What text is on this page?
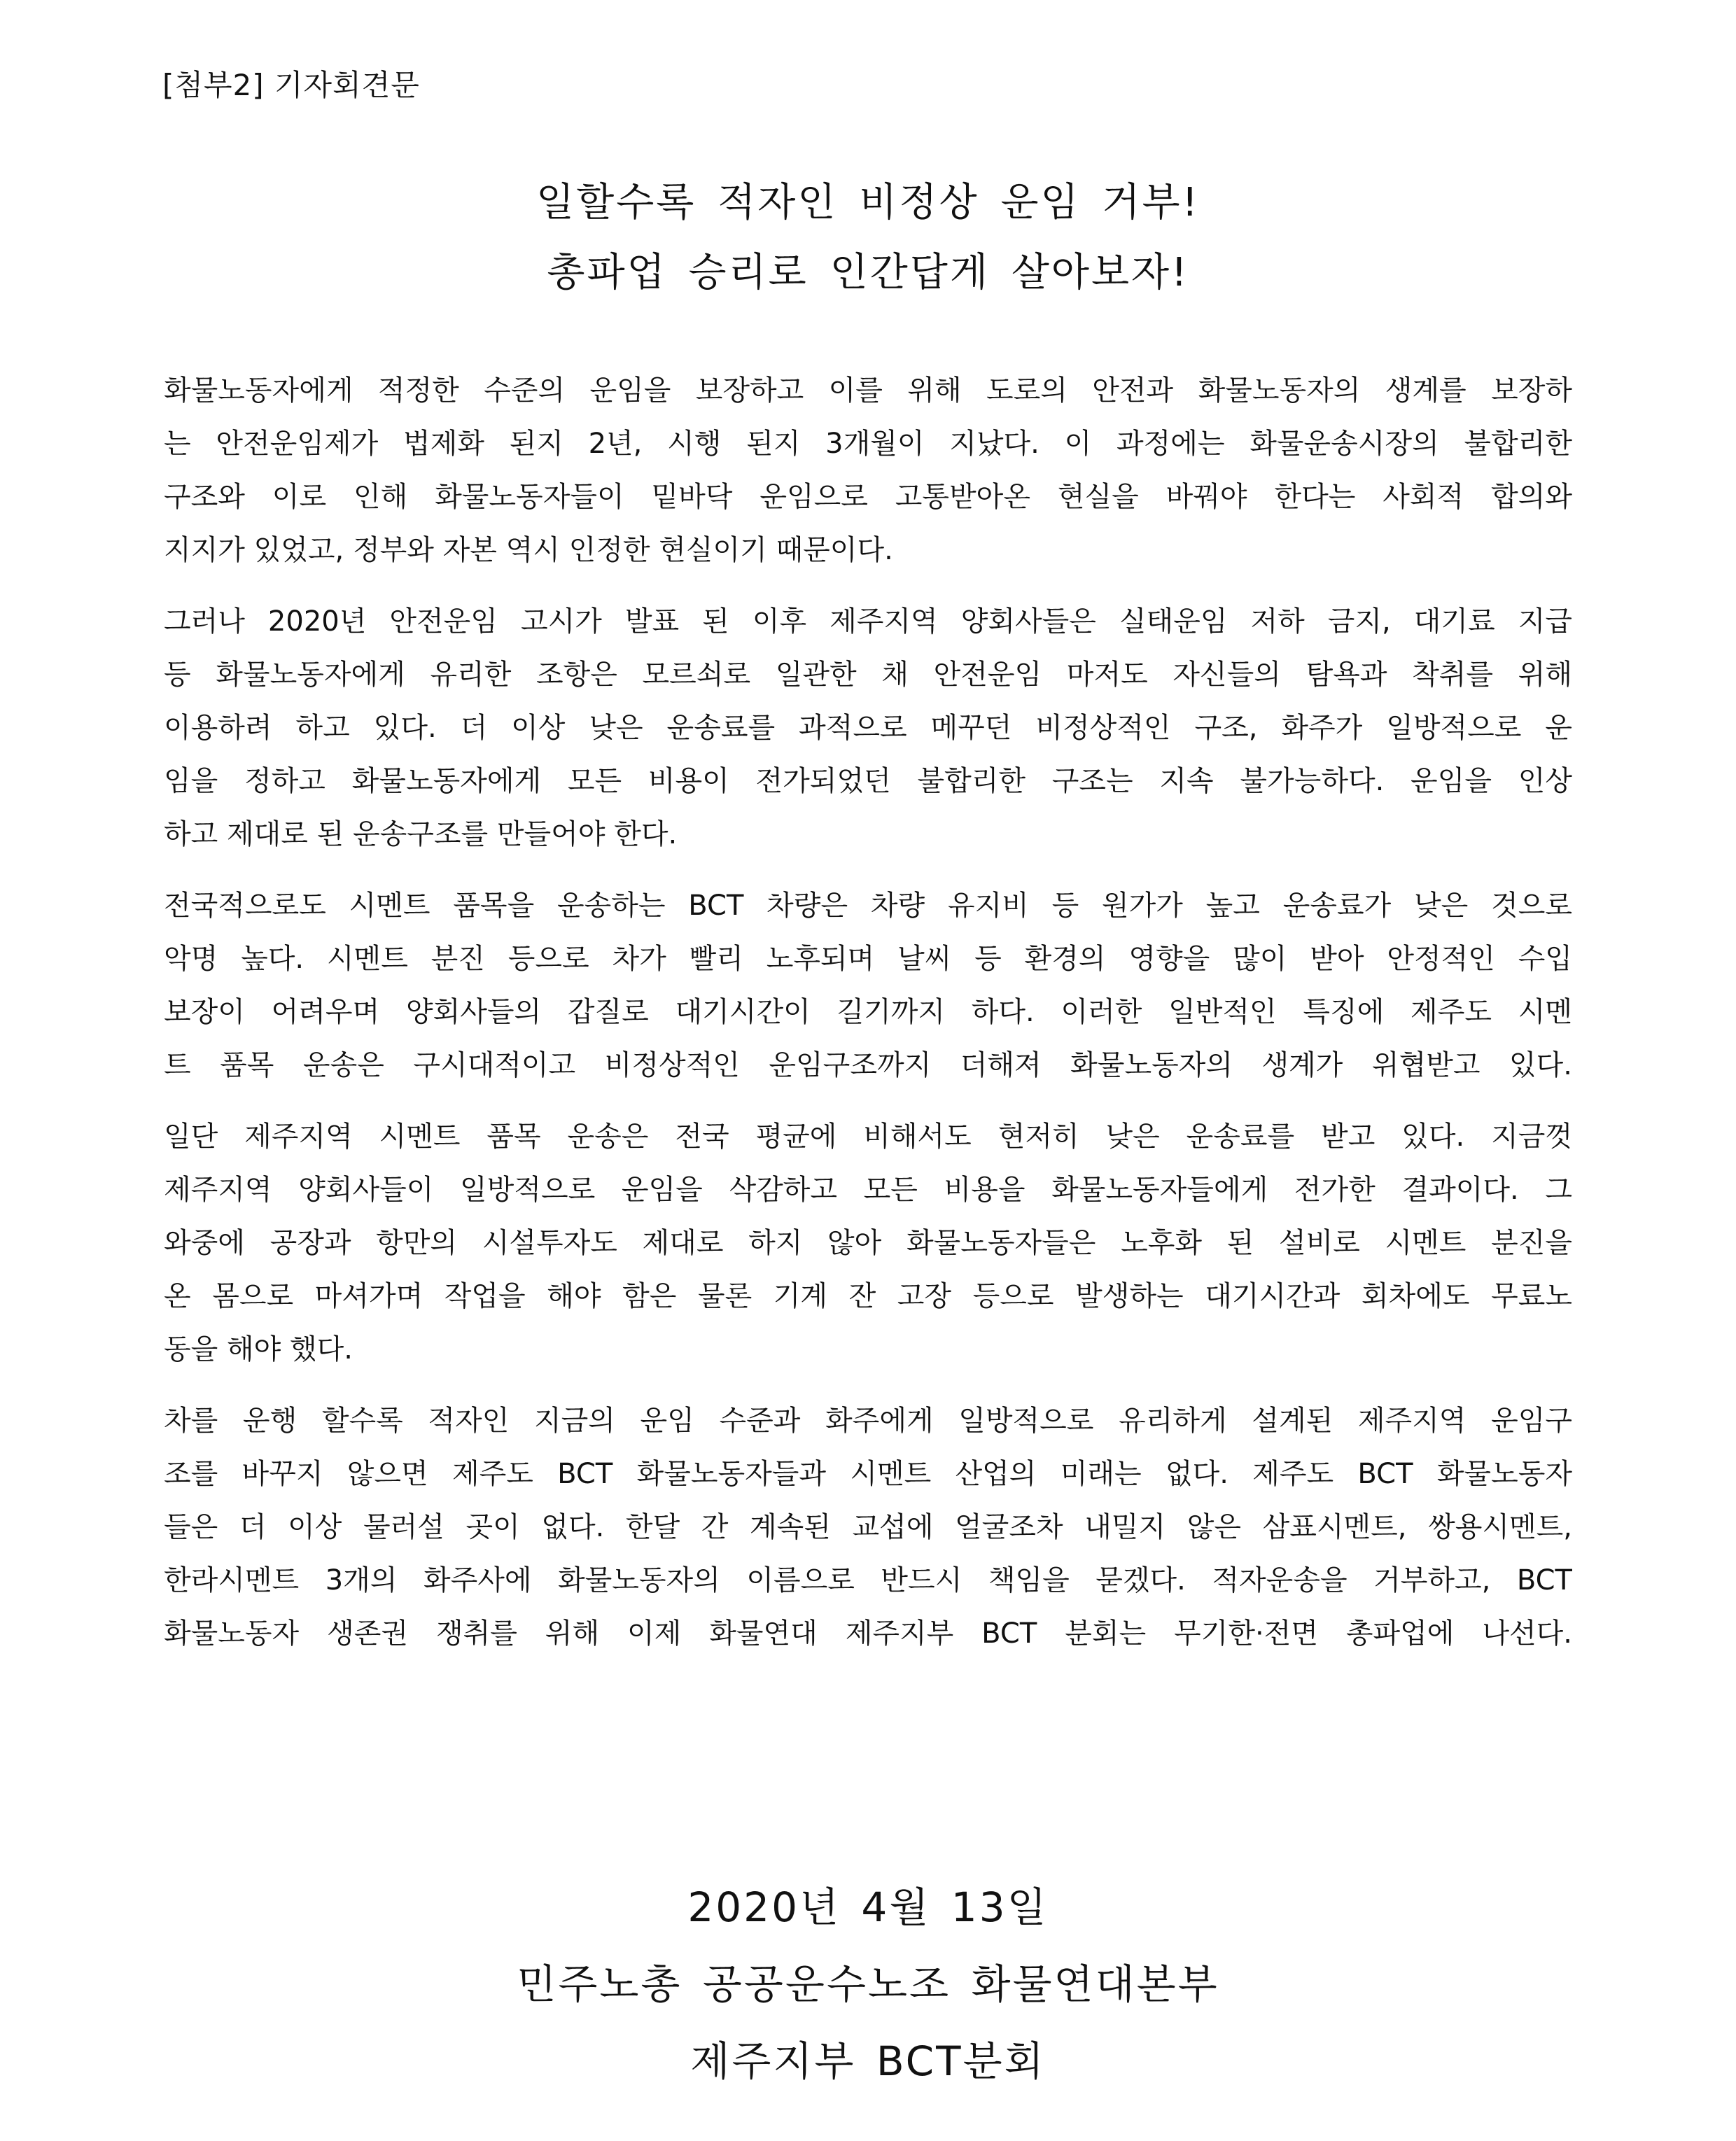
[첨부2] 기자회견문
일할수록 적자인 비정상 운임 거부!
총파업 승리로 인간답게 살아보자!
화물노동자에게 적정한 수준의 운임을 보장하고 이를 위해 도로의 안전과 화물노동자의 생계를 보장하
는 안전운임제가 법제화 된지 2년, 시행 된지 3개월이 지났다. 이 과정에는 화물운송시장의 불합리한
구조와 이로 인해 화물노동자들이 밑바닥 운임으로 고통받아온 현실을 바꿔야 한다는 사회적 합의와
지지가 있었고, 정부와 자본 역시 인정한 현실이기 때문이다.
그러나 2020년 안전운임 고시가 발표 된 이후 제주지역 양회사들은 실태운임 저하 금지, 대기료 지급
등 화물노동자에게 유리한 조항은 모르쇠로 일관한 채 안전운임 마저도 자신들의 탐욕과 착취를 위해
이용하려 하고 있다. 더 이상 낮은 운송료를 과적으로 메꾸던 비정상적인 구조, 화주가 일방적으로 운
임을 정하고 화물노동자에게 모든 비용이 전가되었던 불합리한 구조는 지속 불가능하다. 운임을 인상
하고 제대로 된 운송구조를 만들어야 한다.
전국적으로도 시멘트 품목을 운송하는 BCT 차량은 차량 유지비 등 원가가 높고 운송료가 낮은 것으로
악명 높다. 시멘트 분진 등으로 차가 빨리 노후되며 날씨 등 환경의 영향을 많이 받아 안정적인 수입
보장이 어려우며 양회사들의 갑질로 대기시간이 길기까지 하다. 이러한 일반적인 특징에 제주도 시멘
트 품목 운송은 구시대적이고 비정상적인 운임구조까지 더해져 화물노동자의 생계가 위협받고 있다.
일단 제주지역 시멘트 품목 운송은 전국 평균에 비해서도 현저히 낮은 운송료를 받고 있다. 지금껏
제주지역 양회사들이 일방적으로 운임을 삭감하고 모든 비용을 화물노동자들에게 전가한 결과이다. 그
와중에 공장과 항만의 시설투자도 제대로 하지 않아 화물노동자들은 노후화 된 설비로 시멘트 분진을
온 몸으로 마셔가며 작업을 해야 함은 물론 기계 잔 고장 등으로 발생하는 대기시간과 회차에도 무료노
동을 해야 했다.
차를 운행 할수록 적자인 지금의 운임 수준과 화주에게 일방적으로 유리하게 설계된 제주지역 운임구
조를 바꾸지 않으면 제주도 BCT 화물노동자들과 시멘트 산업의 미래는 없다. 제주도 BCT 화물노동자
들은 더 이상 물러설 곳이 없다. 한달 간 계속된 교섭에 얼굴조차 내밀지 않은 삼표시멘트, 쌍용시멘트,
한라시멘트 3개의 화주사에 화물노동자의 이름으로 반드시 책임을 묻겠다. 적자운송을 거부하고, BCT
화물노동자 생존권 쟁취를 위해 이제 화물연대 제주지부 BCT 분회는 무기한·전면 총파업에 나선다.
2020년 4월 13일
민주노총 공공운수노조 화물연대본부
제주지부 BCT분회
